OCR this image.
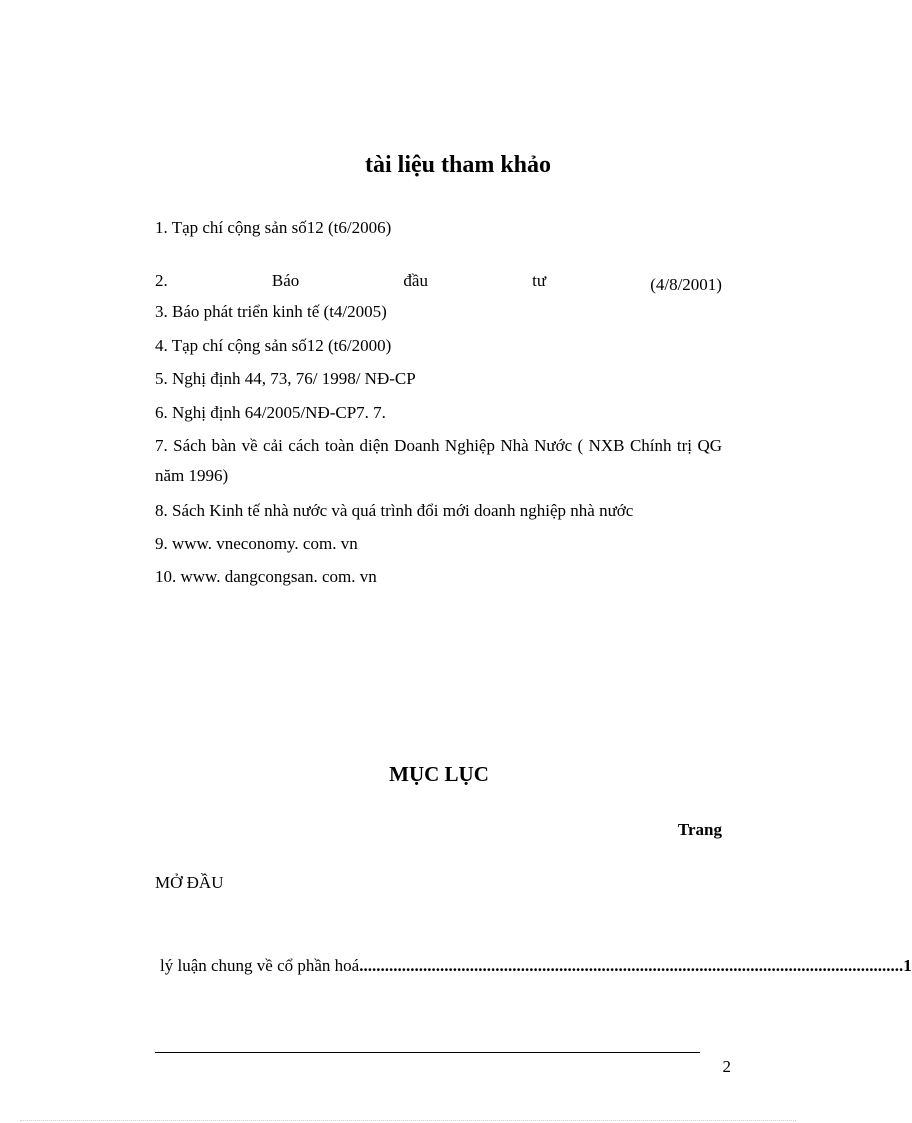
tài liệu tham khảo
1. Tạp chí cộng sản số12 (t6/2006)
2.	Báo	đầu	tư	(4/8/2001)
3. Báo phát triển kinh tế (t4/2005)
4. Tạp chí cộng sản số12 (t6/2000)
5. Nghị định 44, 73, 76/ 1998/ NĐ-CP
6. Nghị định 64/2005/NĐ-CP7. 7.
7. Sách bàn về cải cách toàn diện Doanh Nghiệp Nhà Nước ( NXB Chính trị QG năm 1996)
8. Sách Kinh tế nhà nước và quá trình đổi mới doanh nghiệp nhà nước
9. www. vneconomy. com. vn
10. www. dangcongsan. com. vn
MỤC LỤC
Trang
MỞ ĐẦU
lý luận chung về cổ phần hoá ................................................................................................................................ 1
2
